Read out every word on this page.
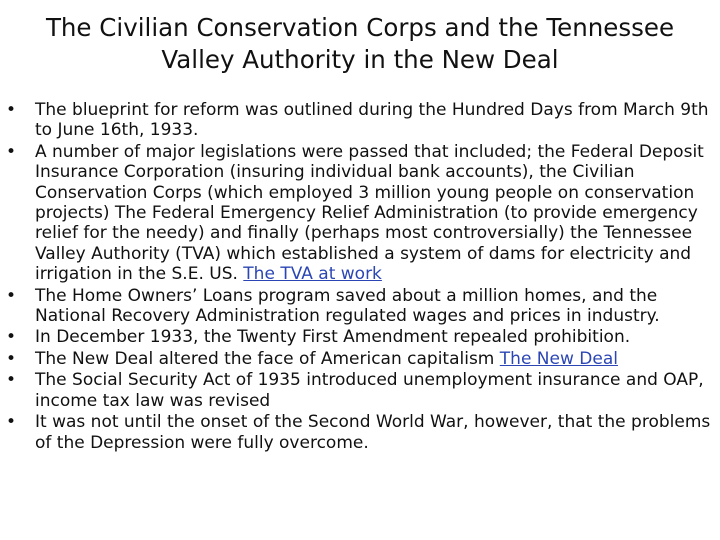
The Civilian Conservation Corps and the Tennessee Valley Authority in the New Deal
• The blueprint for reform was outlined during the Hundred Days from March 9th to June 16th, 1933.
• A number of major legislations were passed that included; the Federal Deposit Insurance Corporation (insuring individual bank accounts), the Civilian Conservation Corps (which employed 3 million young people on conservation projects) The Federal Emergency Relief Administration (to provide emergency relief for the needy) and finally (perhaps most controversially) the Tennessee Valley Authority (TVA) which established a system of dams for electricity and irrigation in the S.E. US. The TVA at work
• The Home Owners’ Loans program saved about a million homes, and the National Recovery Administration regulated wages and prices in industry.
• In December 1933, the Twenty First Amendment repealed prohibition.
• The New Deal altered the face of American capitalism The New Deal
• The Social Security Act of 1935 introduced unemployment insurance and OAP, income tax law was revised
• It was not until the onset of the Second World War, however, that the problems of the Depression were fully overcome.
